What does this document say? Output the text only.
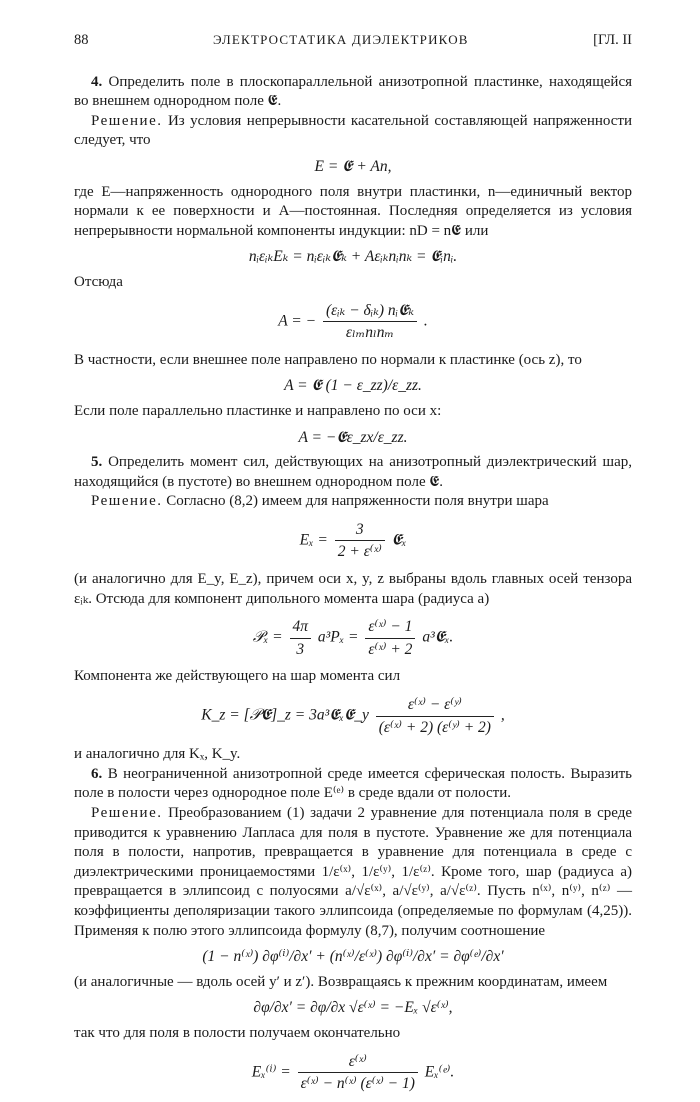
88	ЭЛЕКТРОСТАТИКА ДИЭЛЕКТРИКОВ	[ГЛ. II

4. Определить поле в плоскопараллельной анизотропной пластинке, находящейся во внешнем однородном поле 𝕰.

Решение. Из условия непрерывности касательной составляющей напряженности следует, что

E = 𝕰 + An,

где E—напряженность однородного поля внутри пластинки, n—единичный вектор нормали к ее поверхности и A—постоянная. Последняя определяется из условия непрерывности нормальной компоненты индукции: nD = n𝕰 или

nᵢεᵢₖEₖ = nᵢεᵢₖ𝕰ₖ + Aεᵢₖnᵢnₖ = 𝕰ᵢnᵢ.

Отсюда

A = − $\frac{\text{(εᵢₖ − δᵢₖ) nᵢ𝕰ₖ}}{\text{εₗₘnₗnₘ}}$ .

В частности, если внешнее поле направлено по нормали к пластинке (ось z), то

A = 𝕰 (1 − ε_zz)/ε_zz.

Если поле параллельно пластинке и направлено по оси x:

A = −𝕰ε_zx/ε_zz.

5. Определить момент сил, действующих на анизотропный диэлектрический шар, находящийся (в пустоте) во внешнем однородном поле 𝕰.

Решение. Согласно (8,2) имеем для напряженности поля внутри шара

$E_x = \frac{3}{\text{2 + ε⁽ˣ⁾}}$ 𝕰ₓ

(и аналогично для E_y, E_z), причем оси x, y, z выбраны вдоль главных осей тензора εᵢₖ. Отсюда для компонент дипольного момента шара (радиуса a)

𝒫ₓ = $\frac{4\pi}{3} a^3P_x = \frac{\text{ε⁽ˣ⁾ − 1}}{\text{ε⁽ˣ⁾ + 2}}$ a³𝕰ₓ.

Компонента же действующего на шар момента сил

K_z = [𝒫𝕰]_z = 3a³𝕰ₓ𝕰_y $\frac{\text{ε⁽ˣ⁾ − ε⁽ʸ⁾}}{\text{(ε⁽ˣ⁾ + 2) (ε⁽ʸ⁾ + 2)}}$ ,

и аналогично для Kₓ, K_y.

6. В неограниченной анизотропной среде имеется сферическая полость. Выразить поле в полости через однородное поле E⁽ᵉ⁾ в среде вдали от полости.

Решение. Преобразованием (1) задачи 2 уравнение для потенциала поля в среде приводится к уравнению Лапласа для поля в пустоте. Уравнение же для потенциала поля в полости, напротив, превращается в уравнение для потенциала в среде с диэлектрическими проницаемостями 1/ε⁽ˣ⁾, 1/ε⁽ʸ⁾, 1/ε⁽ᶻ⁾. Кроме того, шар (радиуса a) превращается в эллипсоид с полуосями a/√ε⁽ˣ⁾, a/√ε⁽ʸ⁾, a/√ε⁽ᶻ⁾. Пусть n⁽ˣ⁾, n⁽ʸ⁾, n⁽ᶻ⁾ — коэффициенты деполяризации такого эллипсоида (определяемые по формулам (4,25)). Применяя к полю этого эллипсоида формулу (8,7), получим соотношение

(1 − n⁽ˣ⁾) ∂φ⁽ⁱ⁾/∂x′ + (n⁽ˣ⁾/ε⁽ˣ⁾) ∂φ⁽ⁱ⁾/∂x′ = ∂φ⁽ᵉ⁾/∂x′

(и аналогичные — вдоль осей y′ и z′). Возвращаясь к прежним координатам, имеем

∂φ/∂x′ = ∂φ/∂x √ε⁽ˣ⁾ = −Eₓ √ε⁽ˣ⁾,

так что для поля в полости получаем окончательно

$E_x^{(i)} = \frac{\text{ε⁽ˣ⁾}}{\text{ε⁽ˣ⁾ − n⁽ˣ⁾ (ε⁽ˣ⁾ − 1)}}$ Eₓ⁽ᵉ⁾.
